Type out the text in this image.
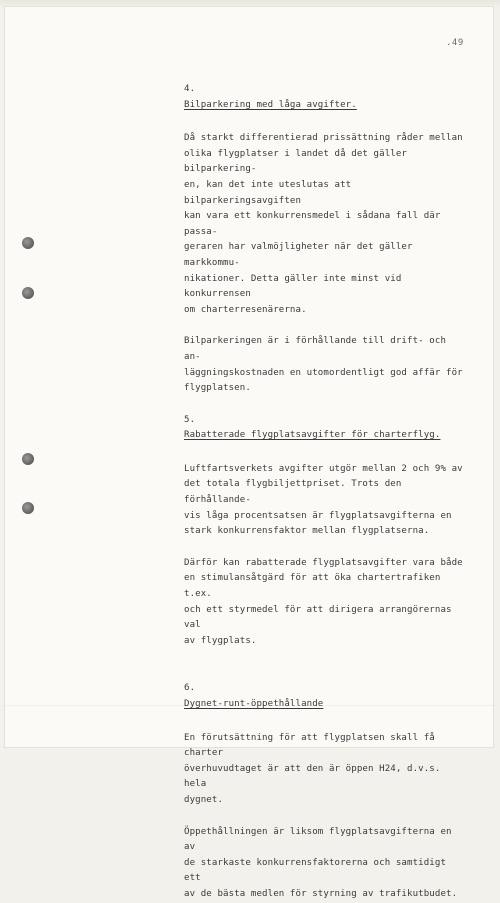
.49

4.

Bilparkering med låga avgifter.

Då starkt differentierad prissättning råder mellan
olika flygplatser i landet då det gäller bilparkering-
en, kan det inte uteslutas att bilparkeringsavgiften
kan vara ett konkurrensmedel i sådana fall där passa-
geraren har valmöjligheter när det gäller markkommu-
nikationer. Detta gäller inte minst vid konkurrensen
om charterresenärerna.

Bilparkeringen är i förhållande till drift- och an-
läggningskostnaden en utomordentligt god affär för
flygplatsen.

5.

Rabatterade flygplatsavgifter för charterflyg.

Luftfartsverkets avgifter utgör mellan 2 och 9% av
det totala flygbiljettpriset. Trots den förhållande-
vis låga procentsatsen är flygplatsavgifterna en
stark konkurrensfaktor mellan flygplatserna.

Därför kan rabatterade flygplatsavgifter vara både
en stimulansåtgärd för att öka chartertrafiken t.ex.
och ett styrmedel för att dirigera arrangörernas val
av flygplats.

6.

Dygnet-runt-öppethållande

En förutsättning för att flygplatsen skall få charter
överhuvudtaget är att den är öppen H24, d.v.s. hela
dygnet.

Öppethållningen är liksom flygplatsavgifterna en av
de starkaste konkurrensfaktorerna och samtidigt ett
av de bästa medlen för styrning av trafikutbudet.
